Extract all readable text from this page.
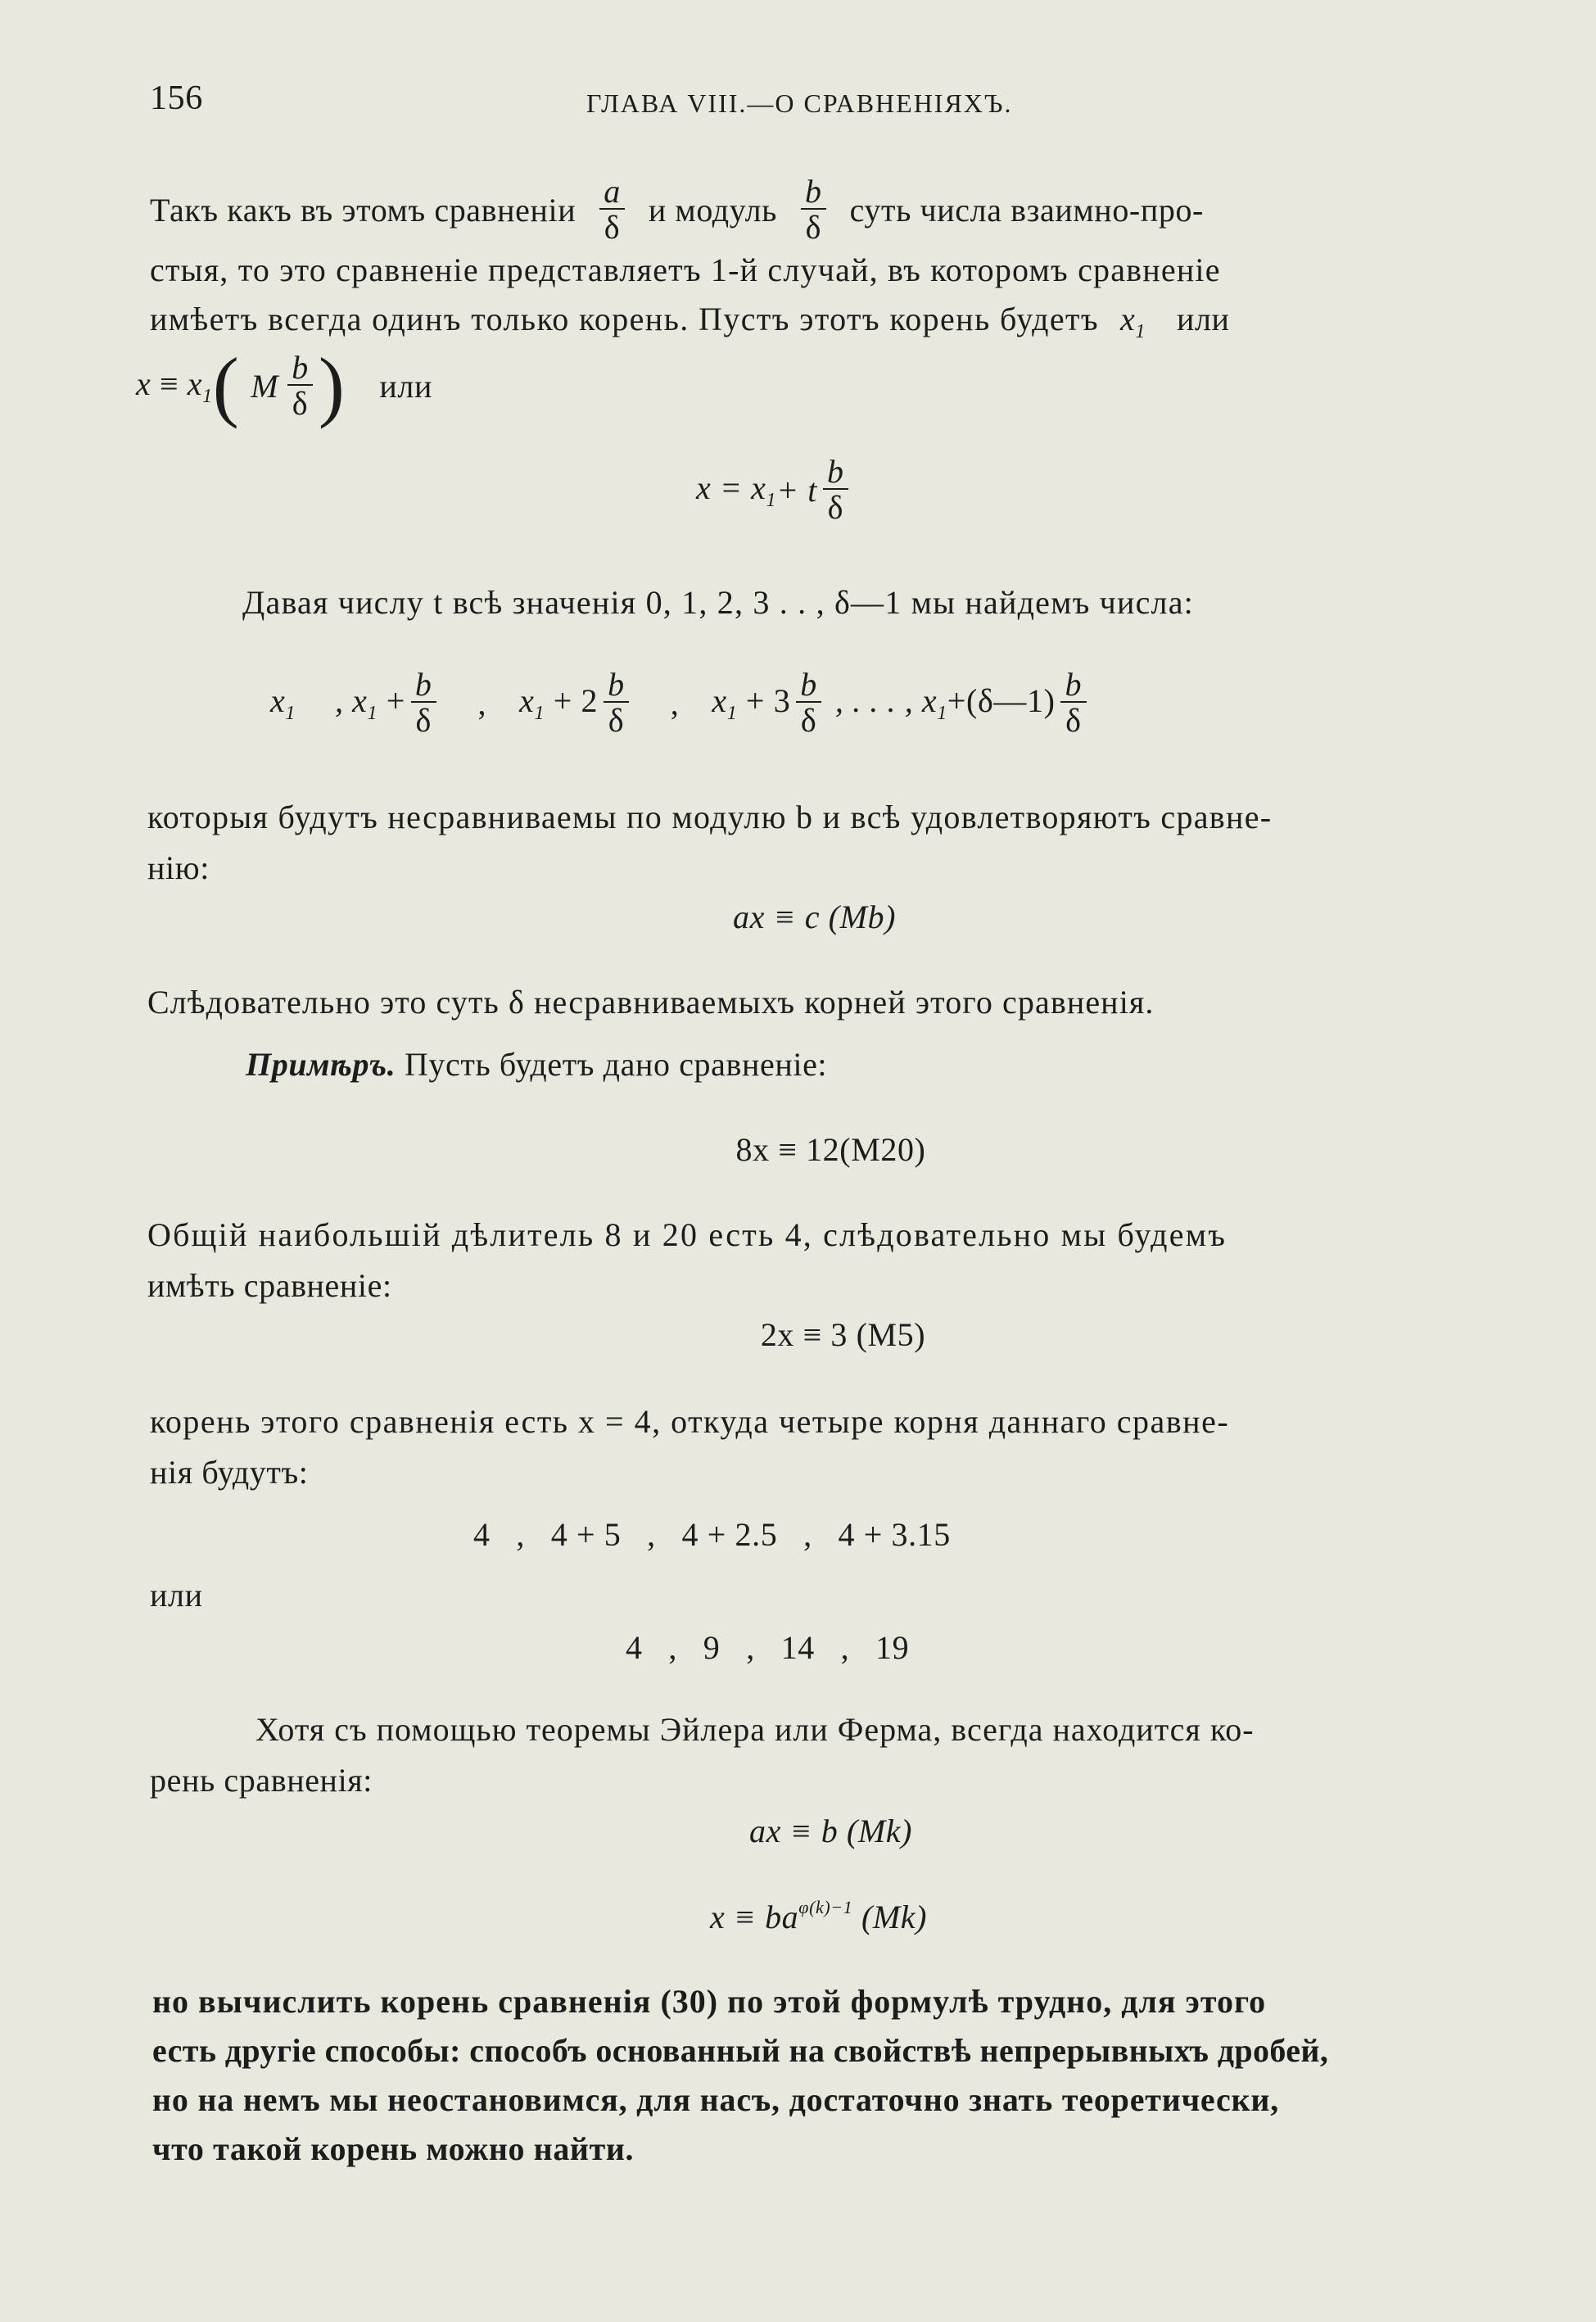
156	ГЛАВА VIII.—О СРАВНЕНIЯХЪ.
Такъ какъ въ этомъ сравненiи $\frac{a}{\delta}$ и модуль $\frac{b}{\delta}$ суть числа взаимно-про-
стыя, то это сравненiе представляетъ 1-й случай, въ которомъ сравненiе
имѣетъ всегда одинъ только корень. Пустъ этотъ корень будетъ $x_1$ или
$x \equiv x_1$ ( M $\frac{b}{\delta}$ ) или
$x = x_1 + t \frac{b}{\delta}$
Давая числу t всѣ значенiя 0, 1, 2, 3 . . , δ—1 мы найдемъ числа:
$x_1$ , $x_1 + \frac{b}{\delta}$ , $x_1 + 2 \frac{b}{\delta}$ , $x_1 + 3 \frac{b}{\delta}$ , . . . , $x_1+(\delta—1) \frac{b}{\delta}$
которыя будутъ несравниваемы по модулю b и всѣ удовлетворяютъ сравне-
нiю:
ax ≡ c (Mb)
Слѣдовательно это суть δ несравниваемыхъ корней этого сравненiя.
Примѣръ. Пусть будетъ дано сравненiе:
8x ≡ 12(M20)
Общiй наибольшiй дѣлитель 8 и 20 есть 4, слѣдовательно мы будемъ
имѣть сравненiе:
2x ≡ 3 (M5)
корень этого сравненiя есть x = 4, откуда четыре корня даннаго сравне-
нiя будутъ:
4   ,   4 + 5   ,   4 + 2.5   ,   4 + 3.15
или
4   ,   9   ,   14   ,   19
Хотя съ помощью теоремы Эйлера или Ферма, всегда находится ко-
рень сравненiя:
ax ≡ b (Mk)
$x \equiv ba^{\varphi(k)-1}$ (Mk)
но вычислить корень сравненiя (30) по этой формулѣ трудно, для этого
есть другiе способы: способъ основанный на свойствѣ непрерывныхъ дробей,
но на немъ мы неостановимся, для насъ, достаточно знать теоретически,
что такой корень можно найти.
